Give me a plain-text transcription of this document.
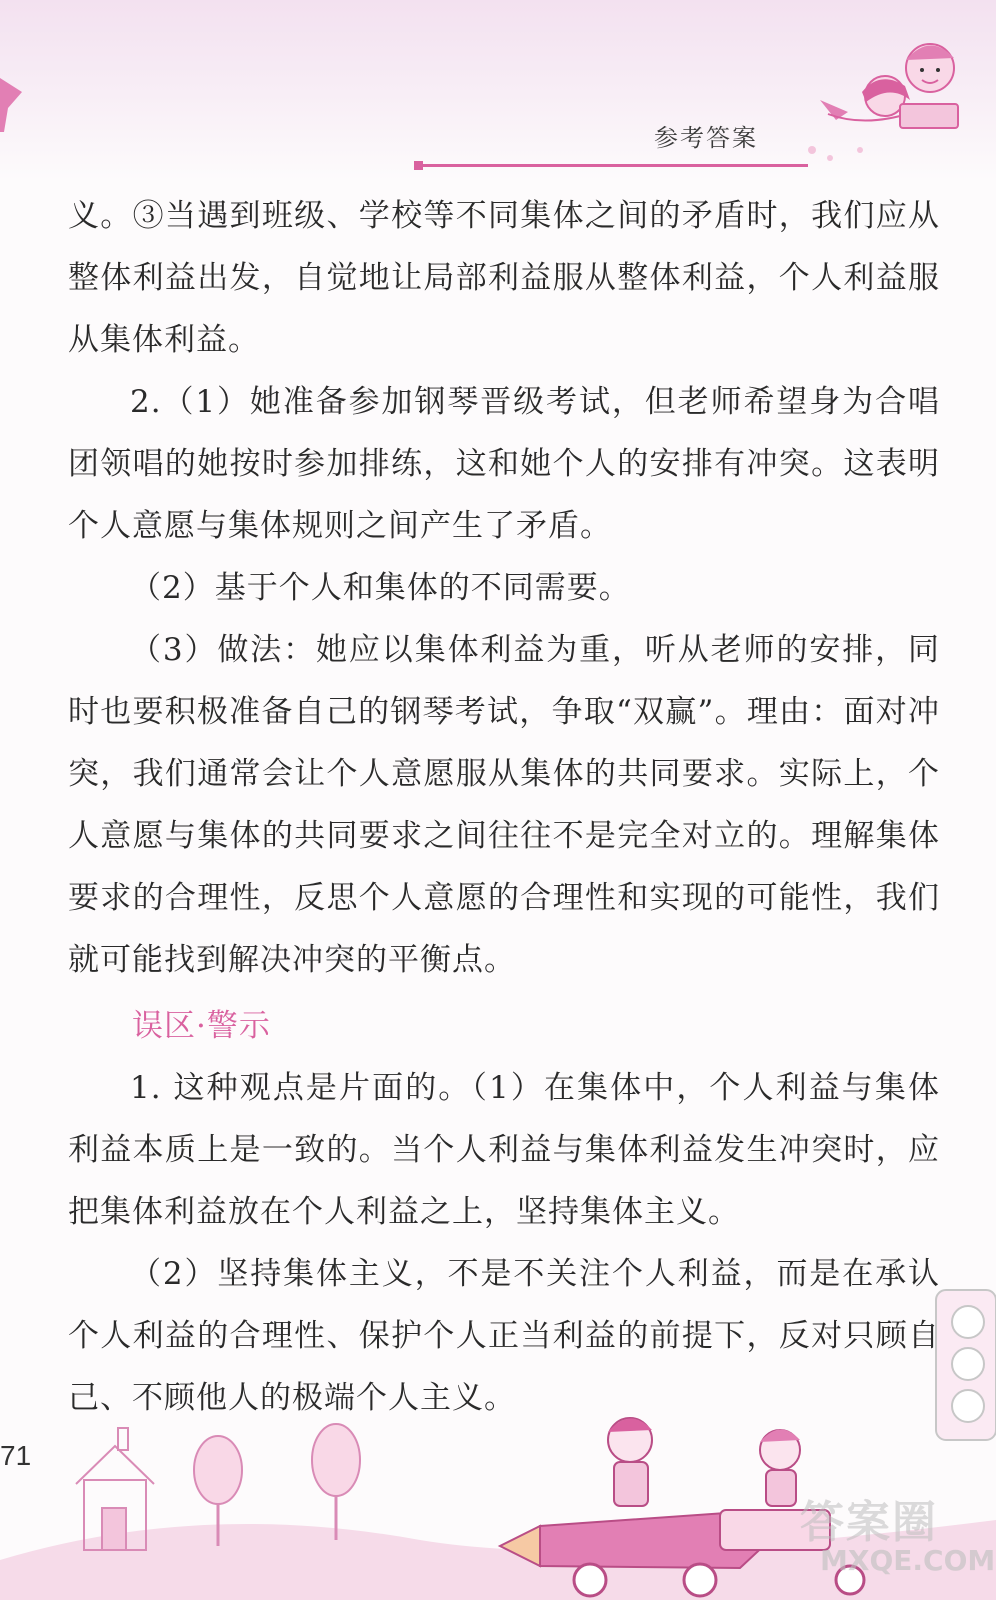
参考答案

义。③当遇到班级、学校等不同集体之间的矛盾时，我们应从整体利益出发，自觉地让局部利益服从整体利益，个人利益服从集体利益。

2.（1）她准备参加钢琴晋级考试，但老师希望身为合唱团领唱的她按时参加排练，这和她个人的安排有冲突。这表明个人意愿与集体规则之间产生了矛盾。

（2）基于个人和集体的不同需要。

（3）做法：她应以集体利益为重，听从老师的安排，同时也要积极准备自己的钢琴考试，争取“双赢”。理由：面对冲突，我们通常会让个人意愿服从集体的共同要求。实际上，个人意愿与集体的共同要求之间往往不是完全对立的。理解集体要求的合理性，反思个人意愿的合理性和实现的可能性，我们就可能找到解决冲突的平衡点。

误区·警示

1. 这种观点是片面的。（1）在集体中，个人利益与集体利益本质上是一致的。当个人利益与集体利益发生冲突时，应把集体利益放在个人利益之上，坚持集体主义。

（2）坚持集体主义，不是不关注个人利益，而是在承认个人利益的合理性、保护个人正当利益的前提下，反对只顾自己、不顾他人的极端个人主义。

71
答案圈
MXQE.COM
